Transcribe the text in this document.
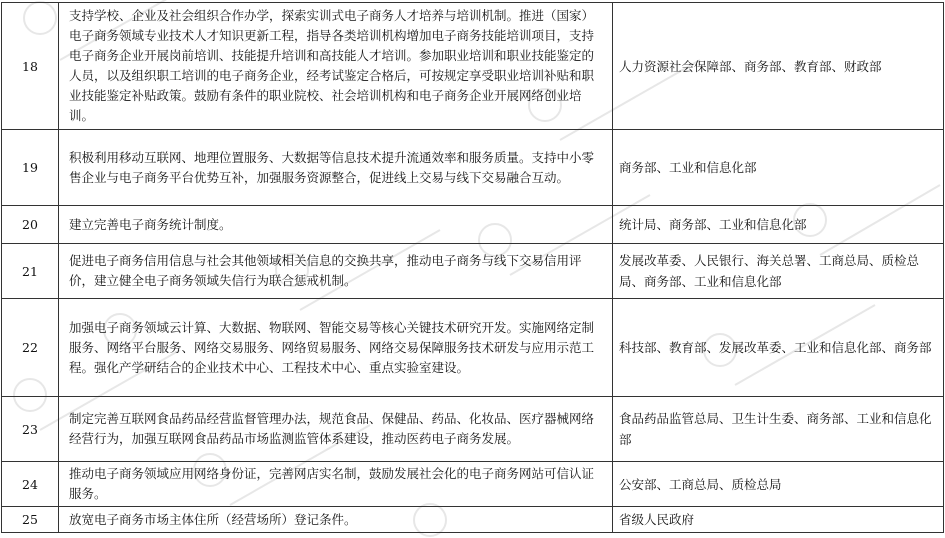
18	支持学校、企业及社会组织合作办学，探索实训式电子商务人才培养与培训机制。推进（国家）电子商务领域专业技术人才知识更新工程，指导各类培训机构增加电子商务技能培训项目，支持电子商务企业开展岗前培训、技能提升培训和高技能人才培训。参加职业培训和职业技能鉴定的人员，以及组织职工培训的电子商务企业，经考试鉴定合格后，可按规定享受职业培训补贴和职业技能鉴定补贴政策。鼓励有条件的职业院校、社会培训机构和电子商务企业开展网络创业培训。	人力资源社会保障部、商务部、教育部、财政部
19	积极利用移动互联网、地理位置服务、大数据等信息技术提升流通效率和服务质量。支持中小零售企业与电子商务平台优势互补，加强服务资源整合，促进线上交易与线下交易融合互动。	商务部、工业和信息化部
20	建立完善电子商务统计制度。	统计局、商务部、工业和信息化部
21	促进电子商务信用信息与社会其他领域相关信息的交换共享，推动电子商务与线下交易信用评价，建立健全电子商务领域失信行为联合惩戒机制。	发展改革委、人民银行、海关总署、工商总局、质检总局、商务部、工业和信息化部
22	加强电子商务领域云计算、大数据、物联网、智能交易等核心关键技术研究开发。实施网络定制服务、网络平台服务、网络交易服务、网络贸易服务、网络交易保障服务技术研发与应用示范工程。强化产学研结合的企业技术中心、工程技术中心、重点实验室建设。	科技部、教育部、发展改革委、工业和信息化部、商务部
23	制定完善互联网食品药品经营监督管理办法，规范食品、保健品、药品、化妆品、医疗器械网络经营行为，加强互联网食品药品市场监测监管体系建设，推动医药电子商务发展。	食品药品监管总局、卫生计生委、商务部、工业和信息化部
24	推动电子商务领域应用网络身份证，完善网店实名制，鼓励发展社会化的电子商务网站可信认证服务。	公安部、工商总局、质检总局
25	放宽电子商务市场主体住所（经营场所）登记条件。	省级人民政府
